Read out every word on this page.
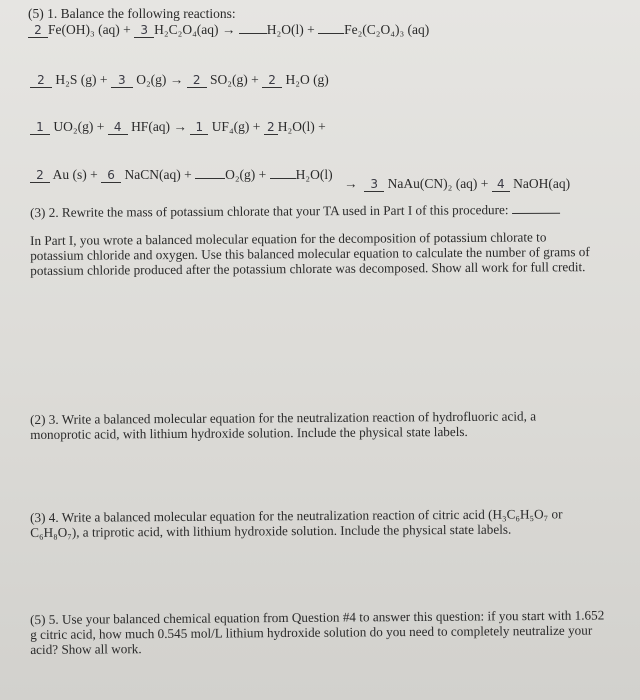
(5) 1. Balance the following reactions:
2 Fe(OH)₃ (aq) + 3 H₂C₂O₄(aq) → H₂O(l) + Fe₂(C₂O₄)₃ (aq)
2 H₂S (g) + 3 O₂(g) → 2 SO₂(g) + 2 H₂O (g)
1 UO₂(g) + 4 HF(aq) → 1 UF₄(g) + 2 H₂O(l) +
2 Au (s) + 6 NaCN(aq) + O₂(g) + H₂O(l)
→ 3 NaAu(CN)₂ (aq) + 4 NaOH(aq)
(3) 2. Rewrite the mass of potassium chlorate that your TA used in Part I of this procedure:
In Part I, you wrote a balanced molecular equation for the decomposition of potassium chlorate to potassium chloride and oxygen. Use this balanced molecular equation to calculate the number of grams of potassium chloride produced after the potassium chlorate was decomposed. Show all work for full credit.
(2) 3. Write a balanced molecular equation for the neutralization reaction of hydrofluoric acid, a monoprotic acid, with lithium hydroxide solution. Include the physical state labels.
(3) 4. Write a balanced molecular equation for the neutralization reaction of citric acid (H₃C₆H₅O₇ or C₆H₈O₇), a triprotic acid, with lithium hydroxide solution. Include the physical state labels.
(5) 5. Use your balanced chemical equation from Question #4 to answer this question: if you start with 1.652 g citric acid, how much 0.545 mol/L lithium hydroxide solution do you need to completely neutralize your acid? Show all work.
